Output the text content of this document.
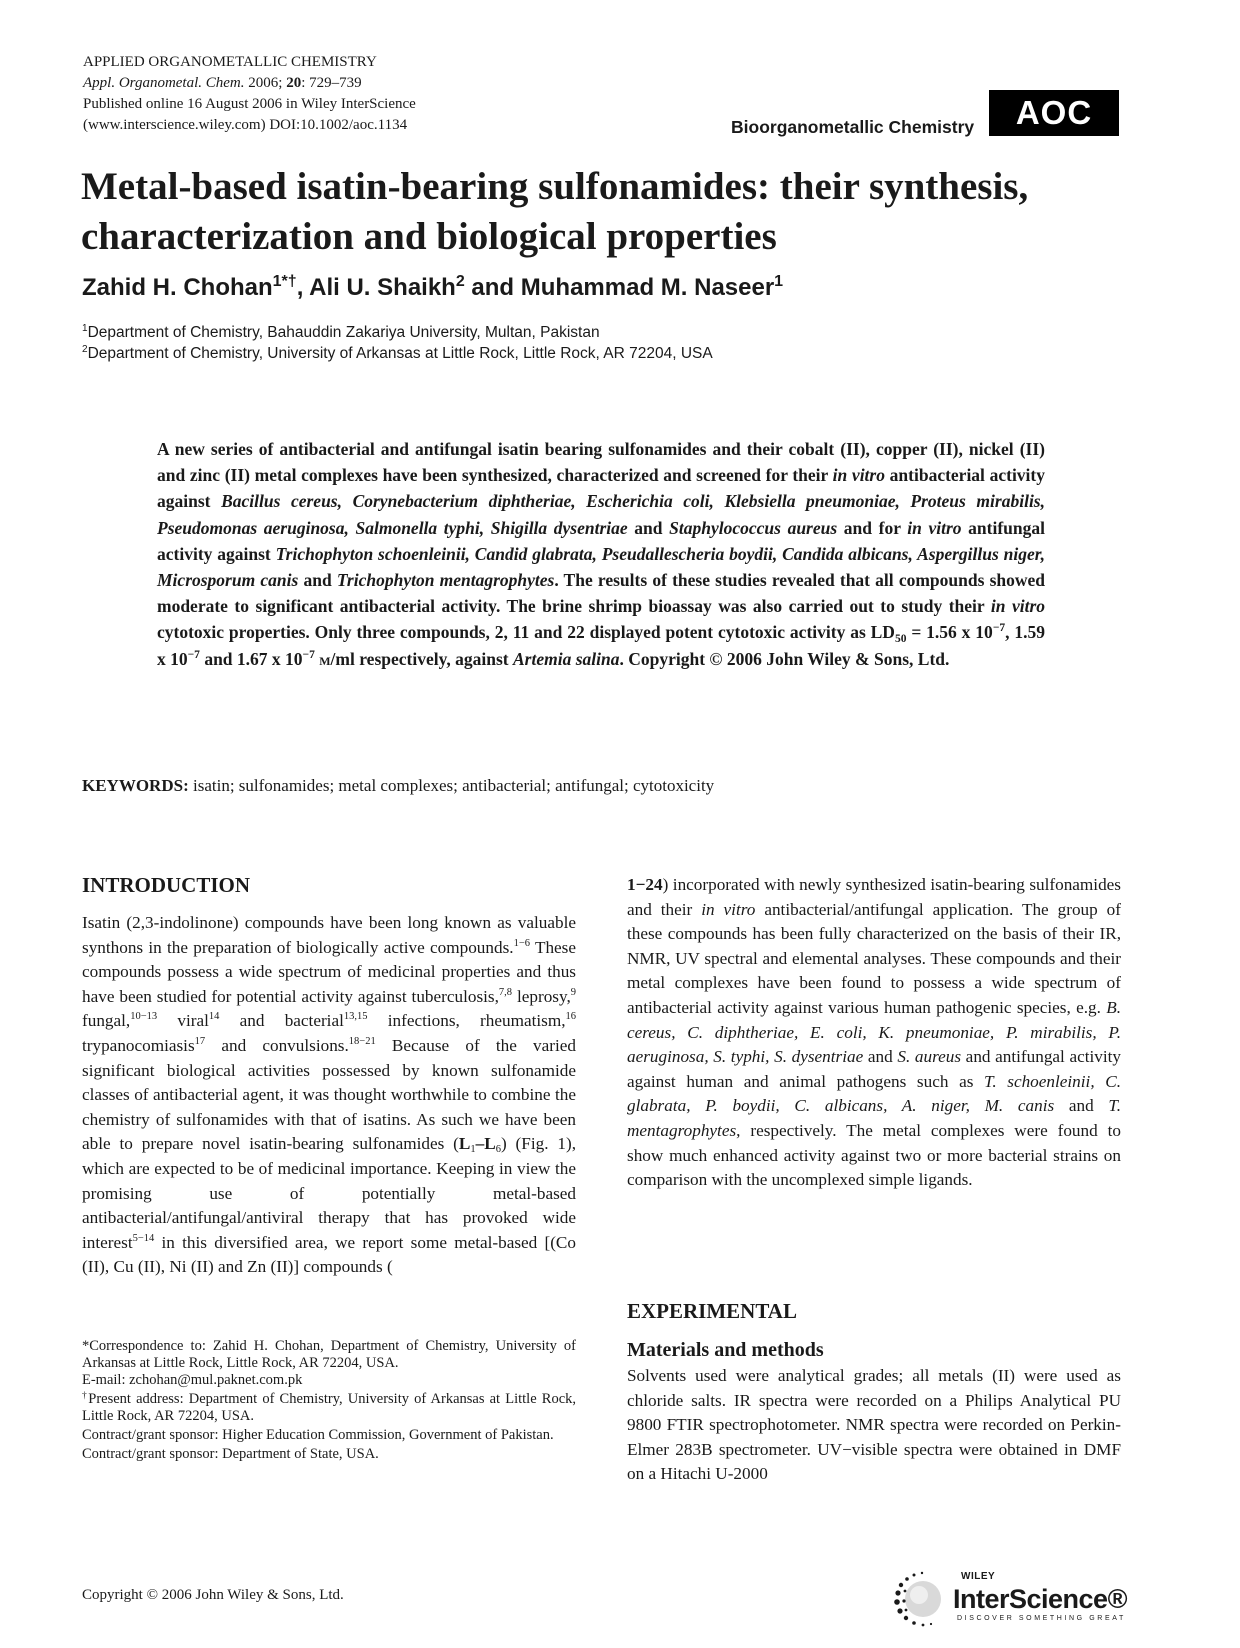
APPLIED ORGANOMETALLIC CHEMISTRY
Appl. Organometal. Chem. 2006; 20: 729–739
Published online 16 August 2006 in Wiley InterScience
(www.interscience.wiley.com) DOI:10.1002/aoc.1134	Bioorganometallic Chemistry	AOC
Metal-based isatin-bearing sulfonamides: their synthesis, characterization and biological properties
Zahid H. Chohan$^{1*\dagger}$, Ali U. Shaikh$^2$ and Muhammad M. Naseer$^1$
$^1$Department of Chemistry, Bahauddin Zakariya University, Multan, Pakistan
$^2$Department of Chemistry, University of Arkansas at Little Rock, Little Rock, AR 72204, USA
A new series of antibacterial and antifungal isatin bearing sulfonamides and their cobalt (II), copper (II), nickel (II) and zinc (II) metal complexes have been synthesized, characterized and screened for their in vitro antibacterial activity against Bacillus cereus, Corynebacterium diphtheriae, Escherichia coli, Klebsiella pneumoniae, Proteus mirabilis, Pseudomonas aeruginosa, Salmonella typhi, Shigilla dysentriae and Staphylococcus aureus and for in vitro antifungal activity against Trichophyton schoenleinii, Candid glabrata, Pseudallescheria boydii, Candida albicans, Aspergillus niger, Microsporum canis and Trichophyton mentagrophytes. The results of these studies revealed that all compounds showed moderate to significant antibacterial activity. The brine shrimp bioassay was also carried out to study their in vitro cytotoxic properties. Only three compounds, 2, 11 and 22 displayed potent cytotoxic activity as $LD_{50} = 1.56$ x $10^{-7}$, 1.59 x $10^{-7}$ and 1.67 x $10^{-7}$ m/ml respectively, against Artemia salina. Copyright © 2006 John Wiley & Sons, Ltd.
KEYWORDS: isatin; sulfonamides; metal complexes; antibacterial; antifungal; cytotoxicity
INTRODUCTION

Isatin (2,3-indolinone) compounds have been long known as valuable synthons in the preparation of biologically active compounds.$^{1-6}$ These compounds possess a wide spectrum of medicinal properties and thus have been studied for potential activity against tuberculosis,$^{7,8}$ leprosy,$^9$ fungal,$^{10-13}$ viral$^{14}$ and bacterial$^{13,15}$ infections, rheumatism,$^{16}$ trypanocomiasis$^{17}$ and convulsions.$^{18-21}$ Because of the varied significant biological activities possessed by known sulfonamide classes of antibacterial agent, it was thought worthwhile to combine the chemistry of sulfonamides with that of isatins. As such we have been able to prepare novel isatin-bearing sulfonamides $(L_1-L_6)$ (Fig. 1), which are expected to be of medicinal importance. Keeping in view the promising use of potentially metal-based antibacterial/antifungal/antiviral therapy that has provoked wide interest$^{5-14}$ in this diversified area, we report some metal-based [(Co (II), Cu (II), Ni (II) and Zn (II)] compounds (

1−24) incorporated with newly synthesized isatin-bearing sulfonamides and their in vitro antibacterial/antifungal application. The group of these compounds has been fully characterized on the basis of their IR, NMR, UV spectral and elemental analyses. These compounds and their metal complexes have been found to possess a wide spectrum of antibacterial activity against various human pathogenic species, e.g. B. cereus, C. diphtheriae, E. coli, K. pneumoniae, P. mirabilis, P. aeruginosa, S. typhi, S. dysentriae and S. aureus and antifungal activity against human and animal pathogens such as T. schoenleinii, C. glabrata, P. boydii, C. albicans, A. niger, M. canis and T. mentagrophytes, respectively. The metal complexes were found to show much enhanced activity against two or more bacterial strains on comparison with the uncomplexed simple ligands.

EXPERIMENTAL
Materials and methods

Solvents used were analytical grades; all metals (II) were used as chloride salts. IR spectra were recorded on a Philips Analytical PU 9800 FTIR spectrophotometer. NMR spectra were recorded on Perkin-Elmer 283B spectrometer. UV−visible spectra were obtained in DMF on a Hitachi U-2000

*Correspondence to: Zahid H. Chohan, Department of Chemistry, University of Arkansas at Little Rock, Little Rock, AR 72204, USA.
E-mail: zchohan@mul.paknet.com.pk

†Present address: Department of Chemistry, University of Arkansas at Little Rock, Little Rock, AR 72204, USA.

Contract/grant sponsor: Higher Education Commission, Government of Pakistan.

Contract/grant sponsor: Department of State, USA.

Copyright © 2006 John Wiley & Sons, Ltd.
WILEY
InterScience®
DISCOVER SOMETHING GREAT
